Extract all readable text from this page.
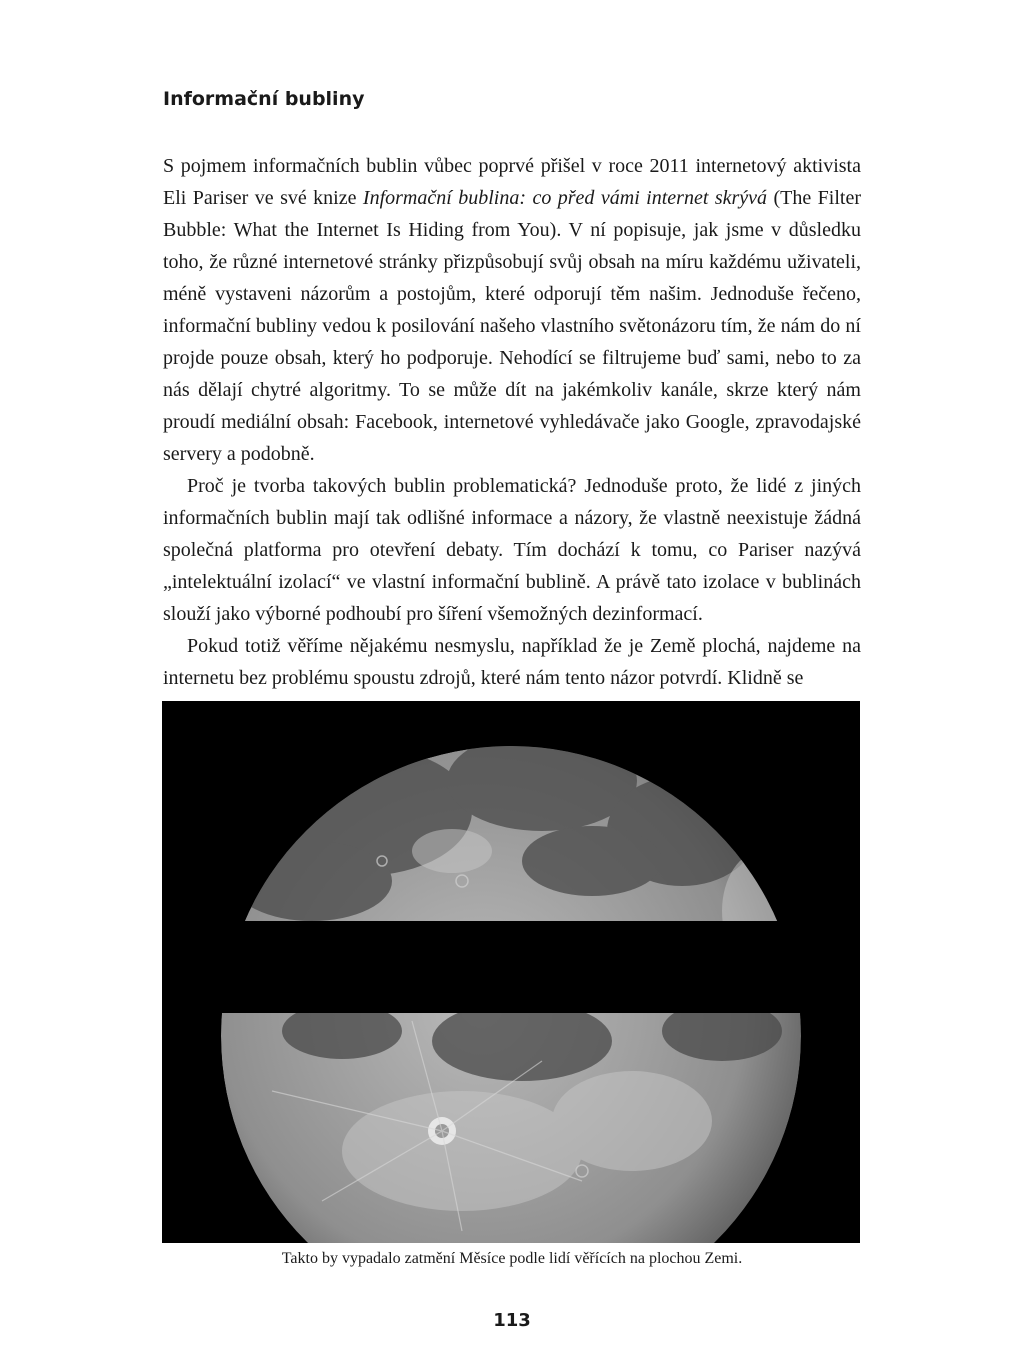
Informační bubliny

S pojmem informačních bublin vůbec poprvé přišel v roce 2011 internetový aktivista Eli Pariser ve své knize Informační bublina: co před vámi internet skrývá (The Filter Bubble: What the Internet Is Hiding from You). V ní popisuje, jak jsme v důsledku toho, že různé internetové stránky přizpůsobují svůj obsah na míru každému uživateli, méně vystaveni názorům a postojům, které odporují těm našim. Jednoduše řečeno, informační bubliny vedou k posilování našeho vlastního světonázoru tím, že nám do ní projde pouze obsah, který ho podporuje. Nehodící se filtrujeme buď sami, nebo to za nás dělají chytré algoritmy. To se může dít na jakémkoliv kanále, skrze který nám proudí mediální obsah: Facebook, internetové vyhledávače jako Google, zpravodajské servery a podobně.

Proč je tvorba takových bublin problematická? Jednoduše proto, že lidé z jiných informačních bublin mají tak odlišné informace a názory, že vlastně neexistuje žádná společná platforma pro otevření debaty. Tím dochází k tomu, co Pariser nazývá „intelektuální izolací“ ve vlastní informační bublině. A právě tato izolace v bublinách slouží jako výborné podhoubí pro šíření všemožných dezinformací.

Pokud totiž věříme nějakému nesmyslu, například že je Země plochá, najdeme na internetu bez problému spoustu zdrojů, které nám tento názor potvrdí. Klidně se

Takto by vypadalo zatmění Měsíce podle lidí věřících na plochou Zemi.
113
